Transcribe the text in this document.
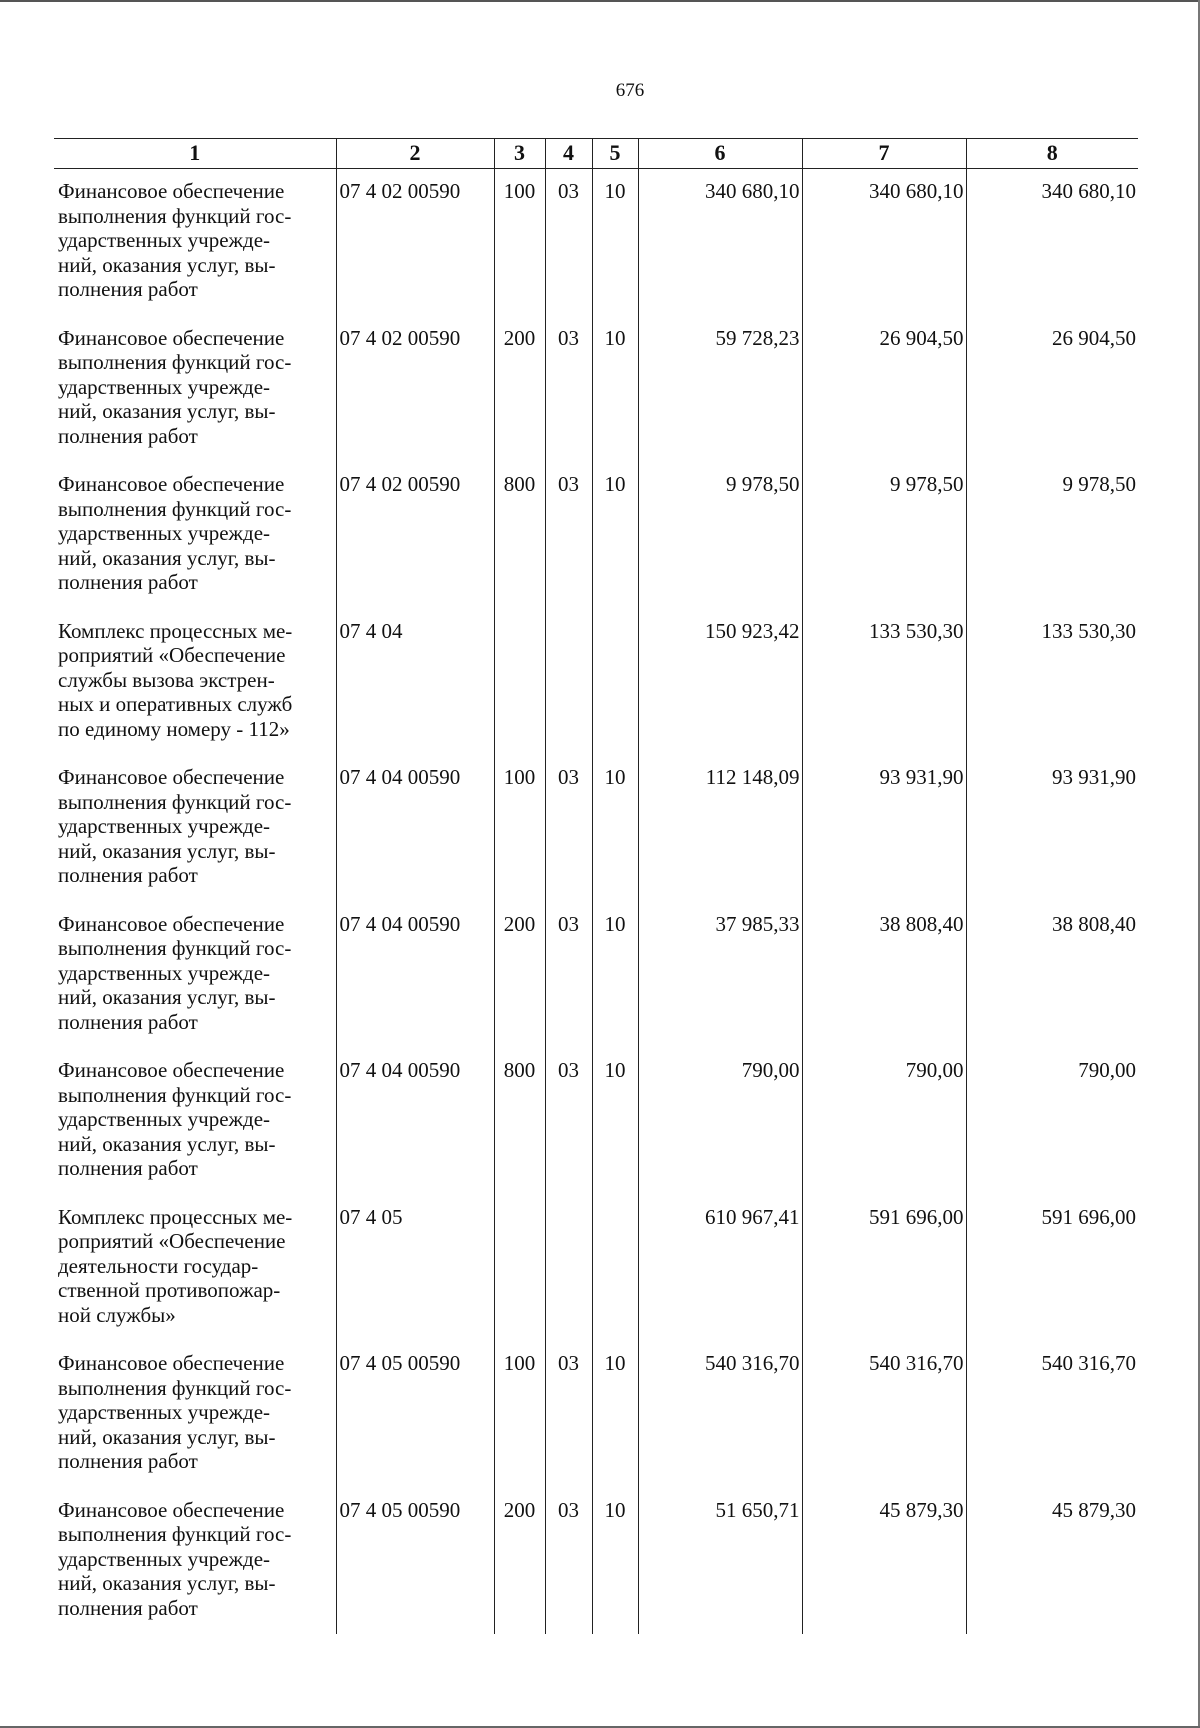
676
1	2	3	4	5	6	7	8
Финансовое обеспечение
выполнения функций гос-
ударственных учрежде-
ний, оказания услуг, вы-
полнения работ	07 4 02 00590	100	03	10	340 680,10	340 680,10	340 680,10
Финансовое обеспечение
выполнения функций гос-
ударственных учрежде-
ний, оказания услуг, вы-
полнения работ	07 4 02 00590	200	03	10	59 728,23	26 904,50	26 904,50
Финансовое обеспечение
выполнения функций гос-
ударственных учрежде-
ний, оказания услуг, вы-
полнения работ	07 4 02 00590	800	03	10	9 978,50	9 978,50	9 978,50
Комплекс процессных ме-
роприятий «Обеспечение
службы вызова экстрен-
ных и оперативных служб
по единому номеру - 112»	07 4 04				150 923,42	133 530,30	133 530,30
Финансовое обеспечение
выполнения функций гос-
ударственных учрежде-
ний, оказания услуг, вы-
полнения работ	07 4 04 00590	100	03	10	112 148,09	93 931,90	93 931,90
Финансовое обеспечение
выполнения функций гос-
ударственных учрежде-
ний, оказания услуг, вы-
полнения работ	07 4 04 00590	200	03	10	37 985,33	38 808,40	38 808,40
Финансовое обеспечение
выполнения функций гос-
ударственных учрежде-
ний, оказания услуг, вы-
полнения работ	07 4 04 00590	800	03	10	790,00	790,00	790,00
Комплекс процессных ме-
роприятий «Обеспечение
деятельности государ-
ственной противопожар-
ной службы»	07 4 05				610 967,41	591 696,00	591 696,00
Финансовое обеспечение
выполнения функций гос-
ударственных учрежде-
ний, оказания услуг, вы-
полнения работ	07 4 05 00590	100	03	10	540 316,70	540 316,70	540 316,70
Финансовое обеспечение
выполнения функций гос-
ударственных учрежде-
ний, оказания услуг, вы-
полнения работ	07 4 05 00590	200	03	10	51 650,71	45 879,30	45 879,30
